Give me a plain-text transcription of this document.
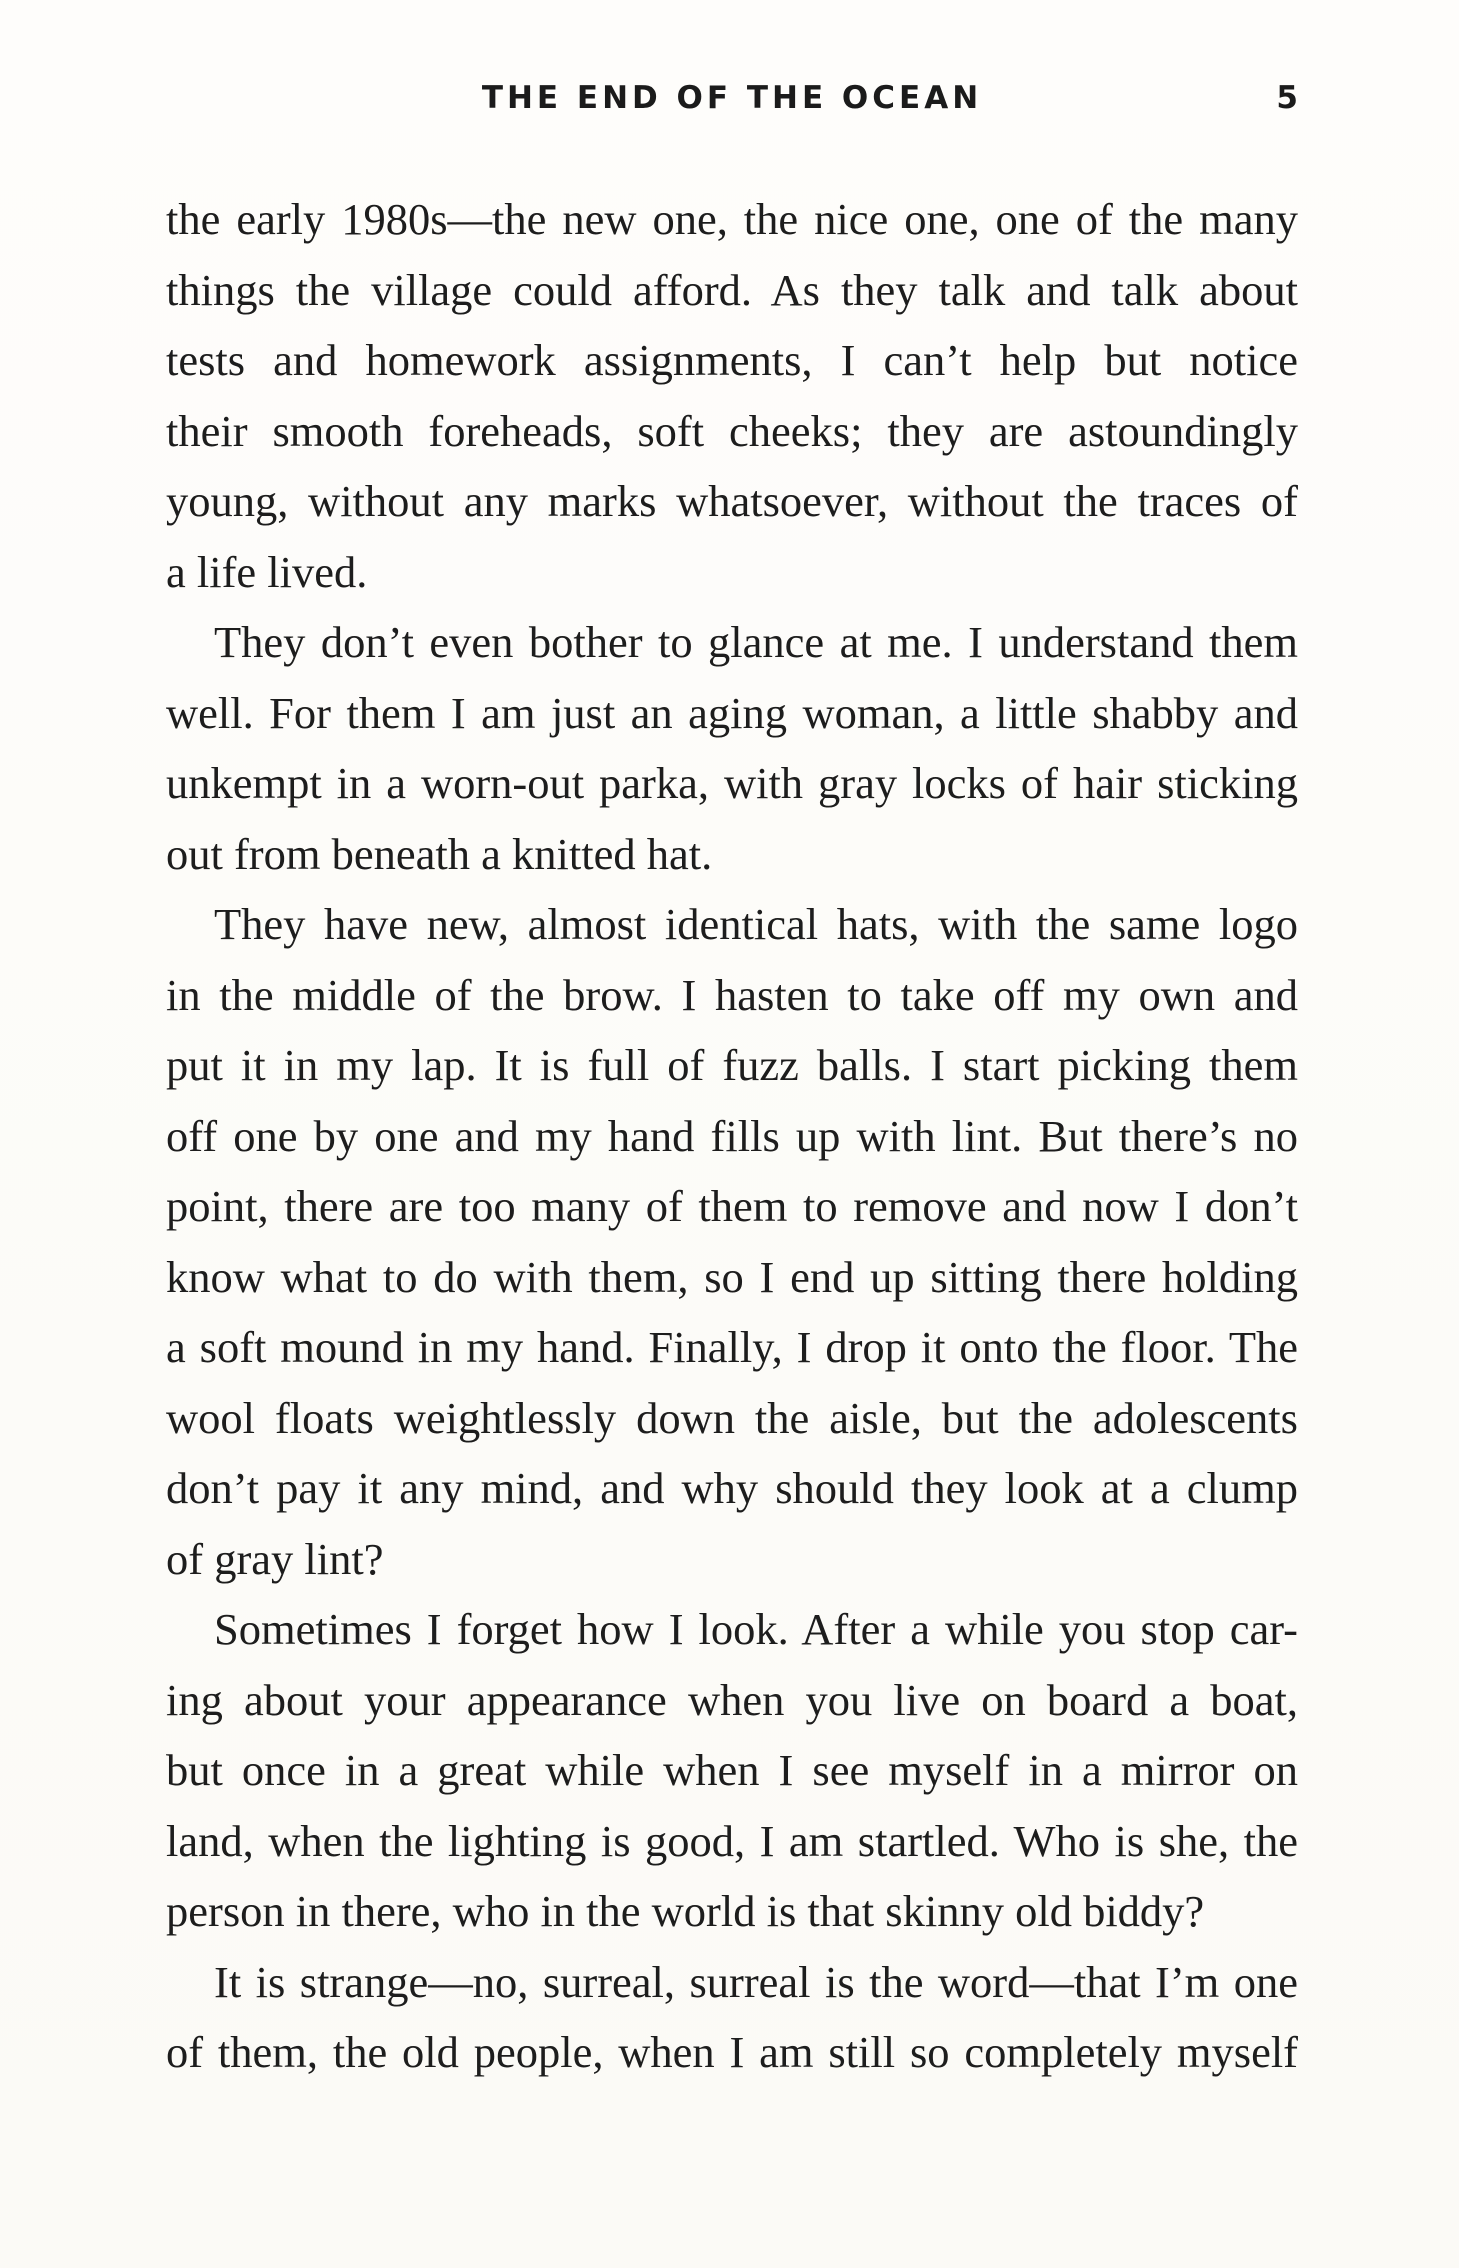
THE END OF THE OCEAN	5
the early 1980s—the new one, the nice one, one of the many
things the village could afford. As they talk and talk about
tests and homework assignments, I can’t help but notice
their smooth foreheads, soft cheeks; they are astoundingly
young, without any marks whatsoever, without the traces of
a life lived.
They don’t even bother to glance at me. I understand them
well. For them I am just an aging woman, a little shabby and
unkempt in a worn-out parka, with gray locks of hair sticking
out from beneath a knitted hat.
They have new, almost identical hats, with the same logo
in the middle of the brow. I hasten to take off my own and
put it in my lap. It is full of fuzz balls. I start picking them
off one by one and my hand fills up with lint. But there’s no
point, there are too many of them to remove and now I don’t
know what to do with them, so I end up sitting there holding
a soft mound in my hand. Finally, I drop it onto the floor. The
wool floats weightlessly down the aisle, but the adolescents
don’t pay it any mind, and why should they look at a clump
of gray lint?
Sometimes I forget how I look. After a while you stop car-
ing about your appearance when you live on board a boat,
but once in a great while when I see myself in a mirror on
land, when the lighting is good, I am startled. Who is she, the
person in there, who in the world is that skinny old biddy?
It is strange—no, surreal, surreal is the word—that I’m one
of them, the old people, when I am still so completely myself
